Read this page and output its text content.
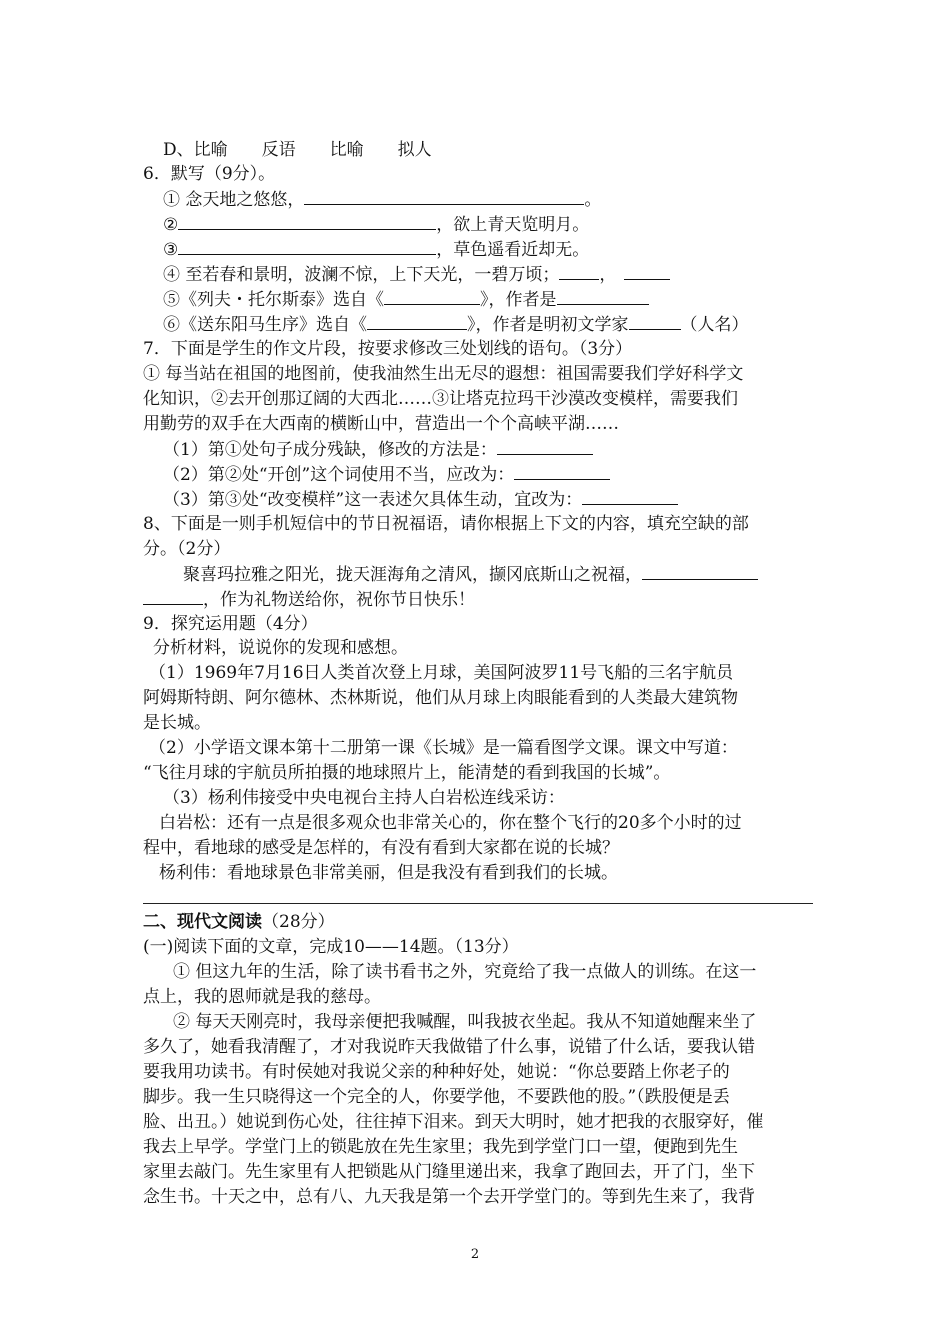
D、比喻　　反语　　比喻　　拟人
6．默写（9分）。
① 念天地之悠悠，	。
②	，欲上青天览明月。
③	，草色遥看近却无。
④ 至若春和景明，波澜不惊，上下天光，一碧万顷； ，
⑤《列夫・托尔斯泰》选自《	》，作者是
⑥《送东阳马生序》选自《	》，作者是明初文学家	（人名）
7．下面是学生的作文片段，按要求修改三处划线的语句。（3分）
① 每当站在祖国的地图前，使我油然生出无尽的遐想：祖国需要我们学好科学文
化知识，②去开创那辽阔的大西北……③让塔克拉玛干沙漠改变模样，需要我们
用勤劳的双手在大西南的横断山中，营造出一个个高峡平湖……
（1）第①处句子成分残缺，修改的方法是：
（2）第②处“开创”这个词使用不当，应改为：
（3）第③处“改变模样”这一表述欠具体生动，宜改为：
8、下面是一则手机短信中的节日祝福语，请你根据上下文的内容，填充空缺的部
分。（2分）
聚喜玛拉雅之阳光，拢天涯海角之清风，撷冈底斯山之祝福，
，作为礼物送给你，祝你节日快乐！
9．探究运用题（4分）
分析材料，说说你的发现和感想。
（1）1969年7月16日人类首次登上月球，美国阿波罗11号飞船的三名宇航员
阿姆斯特朗、阿尔德林、杰林斯说，他们从月球上肉眼能看到的人类最大建筑物
是长城。
（2）小学语文课本第十二册第一课《长城》是一篇看图学文课。课文中写道：
“飞往月球的宇航员所拍摄的地球照片上，能清楚的看到我国的长城”。
（3）杨利伟接受中央电视台主持人白岩松连线采访：
白岩松：还有一点是很多观众也非常关心的，你在整个飞行的20多个小时的过
程中，看地球的感受是怎样的，有没有看到大家都在说的长城？
杨利伟：看地球景色非常美丽，但是我没有看到我们的长城。
二、现代文阅读（28分）
(一)阅读下面的文章，完成10——14题。（13分）
① 但这九年的生活，除了读书看书之外，究竟给了我一点做人的训练。在这一
点上，我的恩师就是我的慈母。
② 每天天刚亮时，我母亲便把我喊醒，叫我披衣坐起。我从不知道她醒来坐了
多久了，她看我清醒了，才对我说昨天我做错了什么事，说错了什么话，要我认错
要我用功读书。有时侯她对我说父亲的种种好处，她说：“你总要踏上你老子的
脚步。我一生只晓得这一个完全的人，你要学他，不要跌他的股。”（跌股便是丢
脸、出丑。）她说到伤心处，往往掉下泪来。到天大明时，她才把我的衣服穿好，催
我去上早学。学堂门上的锁匙放在先生家里；我先到学堂门口一望，便跑到先生
家里去敲门。先生家里有人把锁匙从门缝里递出来，我拿了跑回去，开了门，坐下
念生书。十天之中，总有八、九天我是第一个去开学堂门的。等到先生来了，我背
2
